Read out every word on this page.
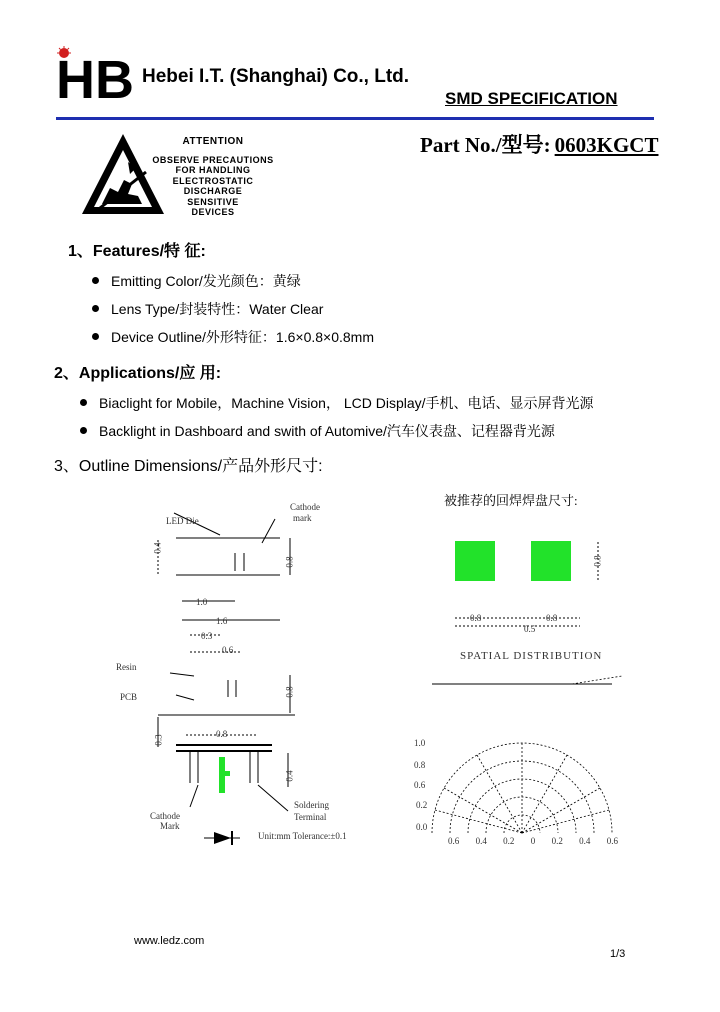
HB Hebei I.T. (Shanghai) Co., Ltd.
SMD SPECIFICATION
ATTENTION
OBSERVE PRECAUTIONS
FOR HANDLING
ELECTROSTATIC
DISCHARGE
SENSITIVE
DEVICES
Part No./型号: 0603KGCT
1、Features/特 征:
Emitting Color/发光颜色：黄绿
Lens Type/封装特性：Water Clear
Device Outline/外形特征：1.6×0.8×0.8mm
2、Applications/应 用:
Biaclight for Mobile，Machine Vision， LCD Display/手机、电话、显示屏背光源
Backlight in Dashboard and swith of Automive/汽车仪表盘、记程器背光源
3、Outline Dimensions/产品外形尺寸:
LED Die
Cathode
mark
0.4
0.8
1.0
1.6
0.3
0.6
Resin
PCB	0.8
0.3
0.8
0.4
Cathode
Mark
Soldering
Terminal
Unit:mm Tolerance:±0.1
被推荐的回焊焊盘尺寸:
0.8
0.8	0.8
0.5
SPATIAL DISTRIBUTION
1.0
0.8
0.6
0.2
0.0
0.6 0.4 0.2 0 0.2 0.4 0.6
www.ledz.com
1/3
